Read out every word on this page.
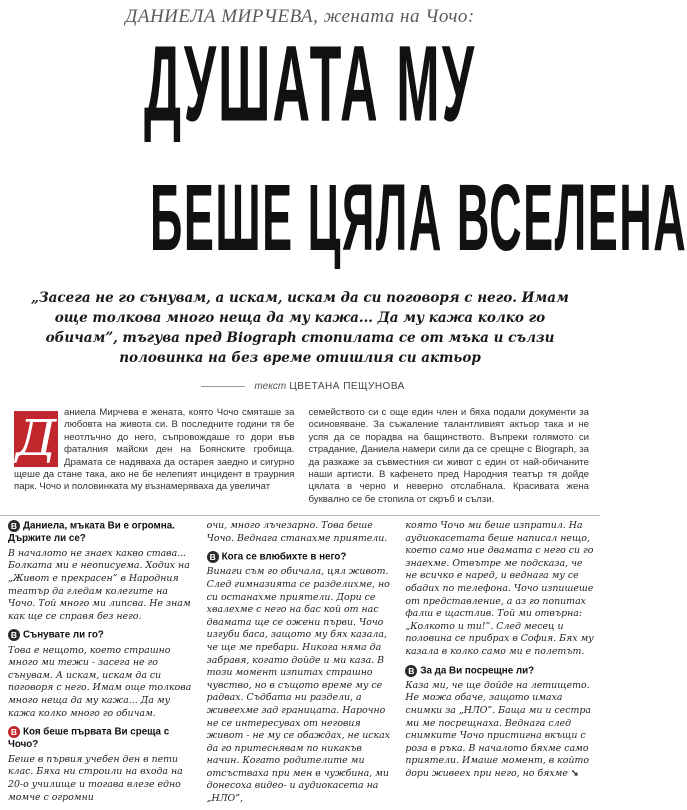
ДАНИЕЛА МИРЧЕВА, жената на Чочо:
ДУШАТА МУ
БЕШЕ ЦЯЛА ВСЕЛЕНА

„Засега не го сънувам, а искам, искам да си поговоря с него. Имам още толкова много неща да му кажа... Да му кажа колко го обичам”, тъгува пред Biograph стопилата се от мъка и сълзи половинка на без време отишлия си актьор

текст ЦВЕТАНА ПЕЩУНОВА
Д аниела Мирчева е жената, която Чочо смяташе за любовта на живота си. В последните години тя бе неотлъчно до него, съпровождаше го дори във фаталния майски ден на Боянските гробища. Драмата се надяваха да остарея заедно и сигурно щеше да стане така, ако не бе нелепият инцидент в траурния парк. Чочо и половинката му възнамеряваха да увеличат
семейството си с още един член и бяха подали документи за осиновяване. За съжаление талантливият актьор така и не успя да се порадва на бащинството. Въпреки голямото си страдание, Даниела намери сили да се срещне с Biograph, за да разкаже за съвместния си живот с един от най-обичаните наши артисти. В кафенето пред Народния театър тя дойде цялата в черно и неверно отслабнала. Красивата жена буквално се бе стопила от скръб и сълзи.
B Даниела, мъката Ви е огромна. Държите ли се?

В началото не знаех какво става... Болката ми е неописуема. Ходих на „Живот е прекрасен” в Народния театър да гледам колегите на Чочо. Той много ми липсва. Не знам как ще се справя без него.

B Сънувате ли го?

Това е нещото, което страшно много ми тежи - засега не го сънувам. А искам, искам да си поговоря с него. Имам още толкова много неща да му кажа... Да му кажа колко много го обичам.

B Коя беше първата Ви среща с Чочо?

Беше в първия учебен ден в пети клас. Бяха ни строили на входа на 20-о училище и тогава влезе едно момче с огромни

очи, много лъчезарно. Това беше Чочо. Веднага станахме приятели.

B Кога се влюбихте в него?

Винаги съм го обичала, цял живот. След гимназията се разделихме, но си останахме приятели. Дори се хвалехме с него на бас кой от нас двамата ще се ожени първи. Чочо изгуби баса, защото му бях казала, че ще ме пребари. Никога няма да забравя, когато дойде и ми каза. В този момент изпитах страшно чувство, но в същото време му се радвах. Съдбата ни раздели, а живеехме зад границата. Нарочно не се интересувах от неговия живот - не му се обаждах, не исках да го притеснявам по никакъв начин. Когато родителите ми отсъстваха при мен в чужбина, ми донесоха видео- и аудиокасета на „НЛО”,

която Чочо ми беше изпратил. На аудиокасетата беше написал нещо, което само ние двамата с него си го знаехме. Отвътре ме подсказа, че не всичко е наред, и веднага му се обадих по телефона. Чочо изпишеше от представление, а аз го попитах фалш е щастлив. Той ми отвърна: „Колкото и ти!”. След месец и половина се прибрах в София. Бях му казала в колко само ми е полетът.

B За да Ви посрещне ли?

Каза ми, че ще дойде на летището. Не можа обаче, защото имаха снимки за „НЛО”. Баща ми и сестра ми ме посрещнаха. Веднага след снимките Чочо пристигна вкъщи с роза в ръка. В началото бяхме само приятели. Имаше момент, в който дори живеех при него, но бяхме ➘
